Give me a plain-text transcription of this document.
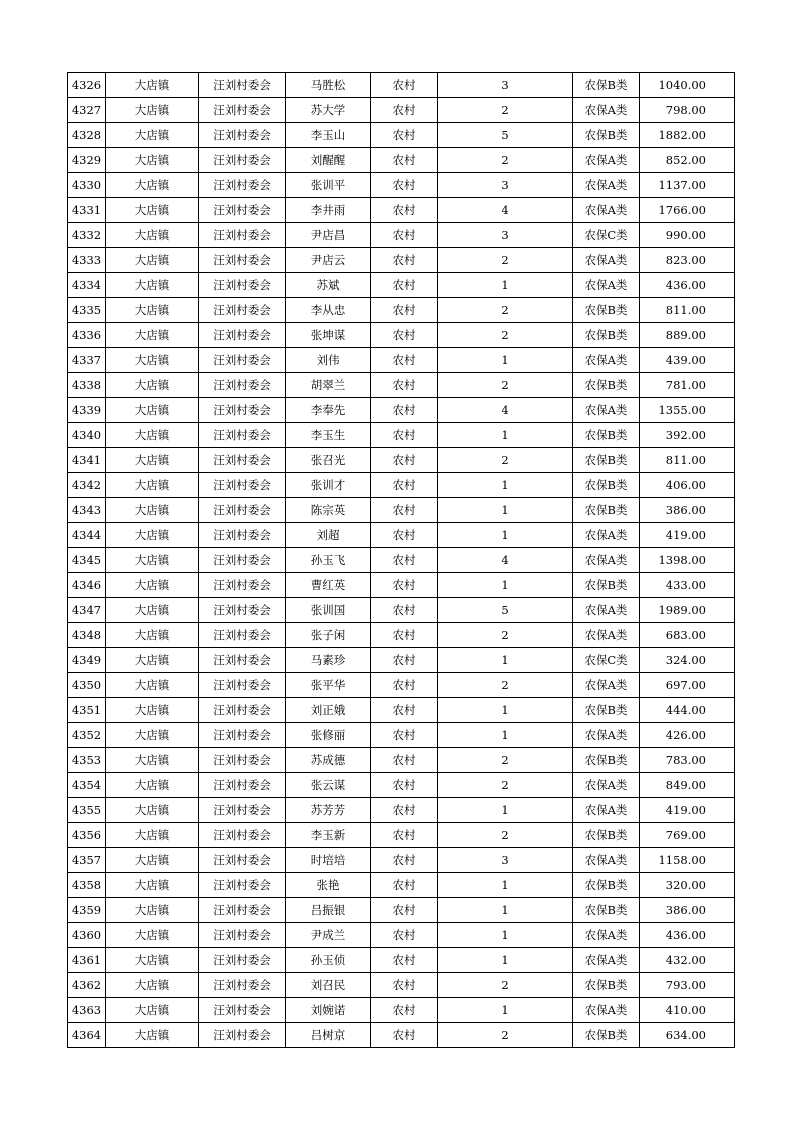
4326	大店镇	汪刘村委会	马胜松	农村	3	农保B类	1040.00
4327	大店镇	汪刘村委会	苏大学	农村	2	农保A类	798.00
4328	大店镇	汪刘村委会	李玉山	农村	5	农保B类	1882.00
4329	大店镇	汪刘村委会	刘醒醒	农村	2	农保A类	852.00
4330	大店镇	汪刘村委会	张训平	农村	3	农保A类	1137.00
4331	大店镇	汪刘村委会	李井雨	农村	4	农保A类	1766.00
4332	大店镇	汪刘村委会	尹店昌	农村	3	农保C类	990.00
4333	大店镇	汪刘村委会	尹店云	农村	2	农保A类	823.00
4334	大店镇	汪刘村委会	苏斌	农村	1	农保A类	436.00
4335	大店镇	汪刘村委会	李从忠	农村	2	农保B类	811.00
4336	大店镇	汪刘村委会	张坤谋	农村	2	农保B类	889.00
4337	大店镇	汪刘村委会	刘伟	农村	1	农保A类	439.00
4338	大店镇	汪刘村委会	胡翠兰	农村	2	农保B类	781.00
4339	大店镇	汪刘村委会	李奉先	农村	4	农保A类	1355.00
4340	大店镇	汪刘村委会	李玉生	农村	1	农保B类	392.00
4341	大店镇	汪刘村委会	张召光	农村	2	农保B类	811.00
4342	大店镇	汪刘村委会	张训才	农村	1	农保B类	406.00
4343	大店镇	汪刘村委会	陈宗英	农村	1	农保B类	386.00
4344	大店镇	汪刘村委会	刘超	农村	1	农保A类	419.00
4345	大店镇	汪刘村委会	孙玉飞	农村	4	农保A类	1398.00
4346	大店镇	汪刘村委会	曹红英	农村	1	农保B类	433.00
4347	大店镇	汪刘村委会	张训国	农村	5	农保A类	1989.00
4348	大店镇	汪刘村委会	张子闲	农村	2	农保A类	683.00
4349	大店镇	汪刘村委会	马素珍	农村	1	农保C类	324.00
4350	大店镇	汪刘村委会	张平华	农村	2	农保A类	697.00
4351	大店镇	汪刘村委会	刘正娥	农村	1	农保B类	444.00
4352	大店镇	汪刘村委会	张修丽	农村	1	农保A类	426.00
4353	大店镇	汪刘村委会	苏成德	农村	2	农保B类	783.00
4354	大店镇	汪刘村委会	张云谋	农村	2	农保A类	849.00
4355	大店镇	汪刘村委会	苏芳芳	农村	1	农保A类	419.00
4356	大店镇	汪刘村委会	李玉新	农村	2	农保B类	769.00
4357	大店镇	汪刘村委会	时培培	农村	3	农保A类	1158.00
4358	大店镇	汪刘村委会	张艳	农村	1	农保B类	320.00
4359	大店镇	汪刘村委会	吕振银	农村	1	农保B类	386.00
4360	大店镇	汪刘村委会	尹成兰	农村	1	农保A类	436.00
4361	大店镇	汪刘村委会	孙玉侦	农村	1	农保A类	432.00
4362	大店镇	汪刘村委会	刘召民	农村	2	农保B类	793.00
4363	大店镇	汪刘村委会	刘婉诺	农村	1	农保A类	410.00
4364	大店镇	汪刘村委会	吕树京	农村	2	农保B类	634.00
